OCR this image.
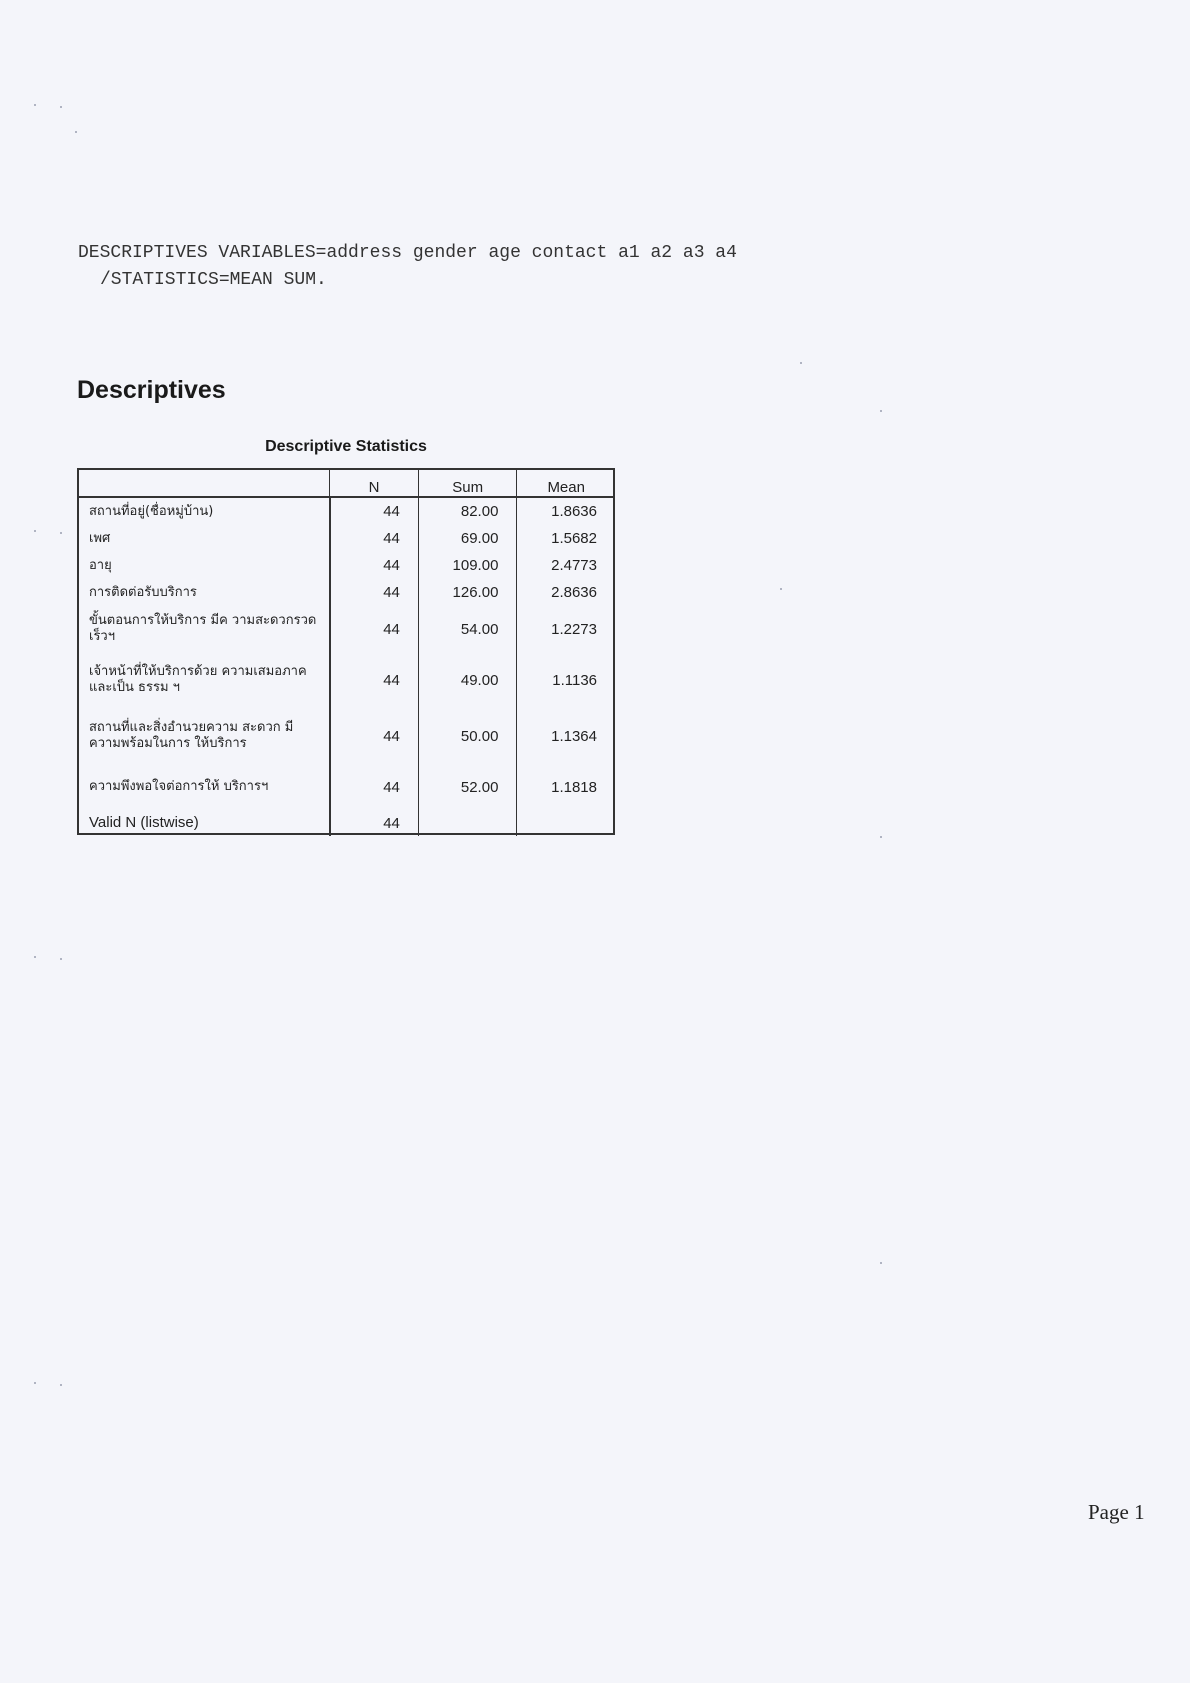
DESCRIPTIVES VARIABLES=address gender age contact a1 a2 a3 a4
/STATISTICS=MEAN SUM.
Descriptives
Descriptive Statistics
	N	Sum	Mean
สถานที่อยู่(ชื่อหมู่บ้าน)	44	82.00	1.8636
เพศ	44	69.00	1.5682
อายุ	44	109.00	2.4773
การติดต่อรับบริการ	44	126.00	2.8636
ขั้นตอนการให้บริการ มีค วามสะดวกรวดเร็วฯ	44	54.00	1.2273
เจ้าหน้าที่ให้บริการด้วย ความเสมอภาคและเป็น ธรรม ฯ	44	49.00	1.1136
สถานที่และสิ่งอำนวยความ สะดวก มีความพร้อมในการ ให้บริการ	44	50.00	1.1364
ความพึงพอใจต่อการให้ บริการฯ	44	52.00	1.1818
Valid N (listwise)	44		
Page 1
